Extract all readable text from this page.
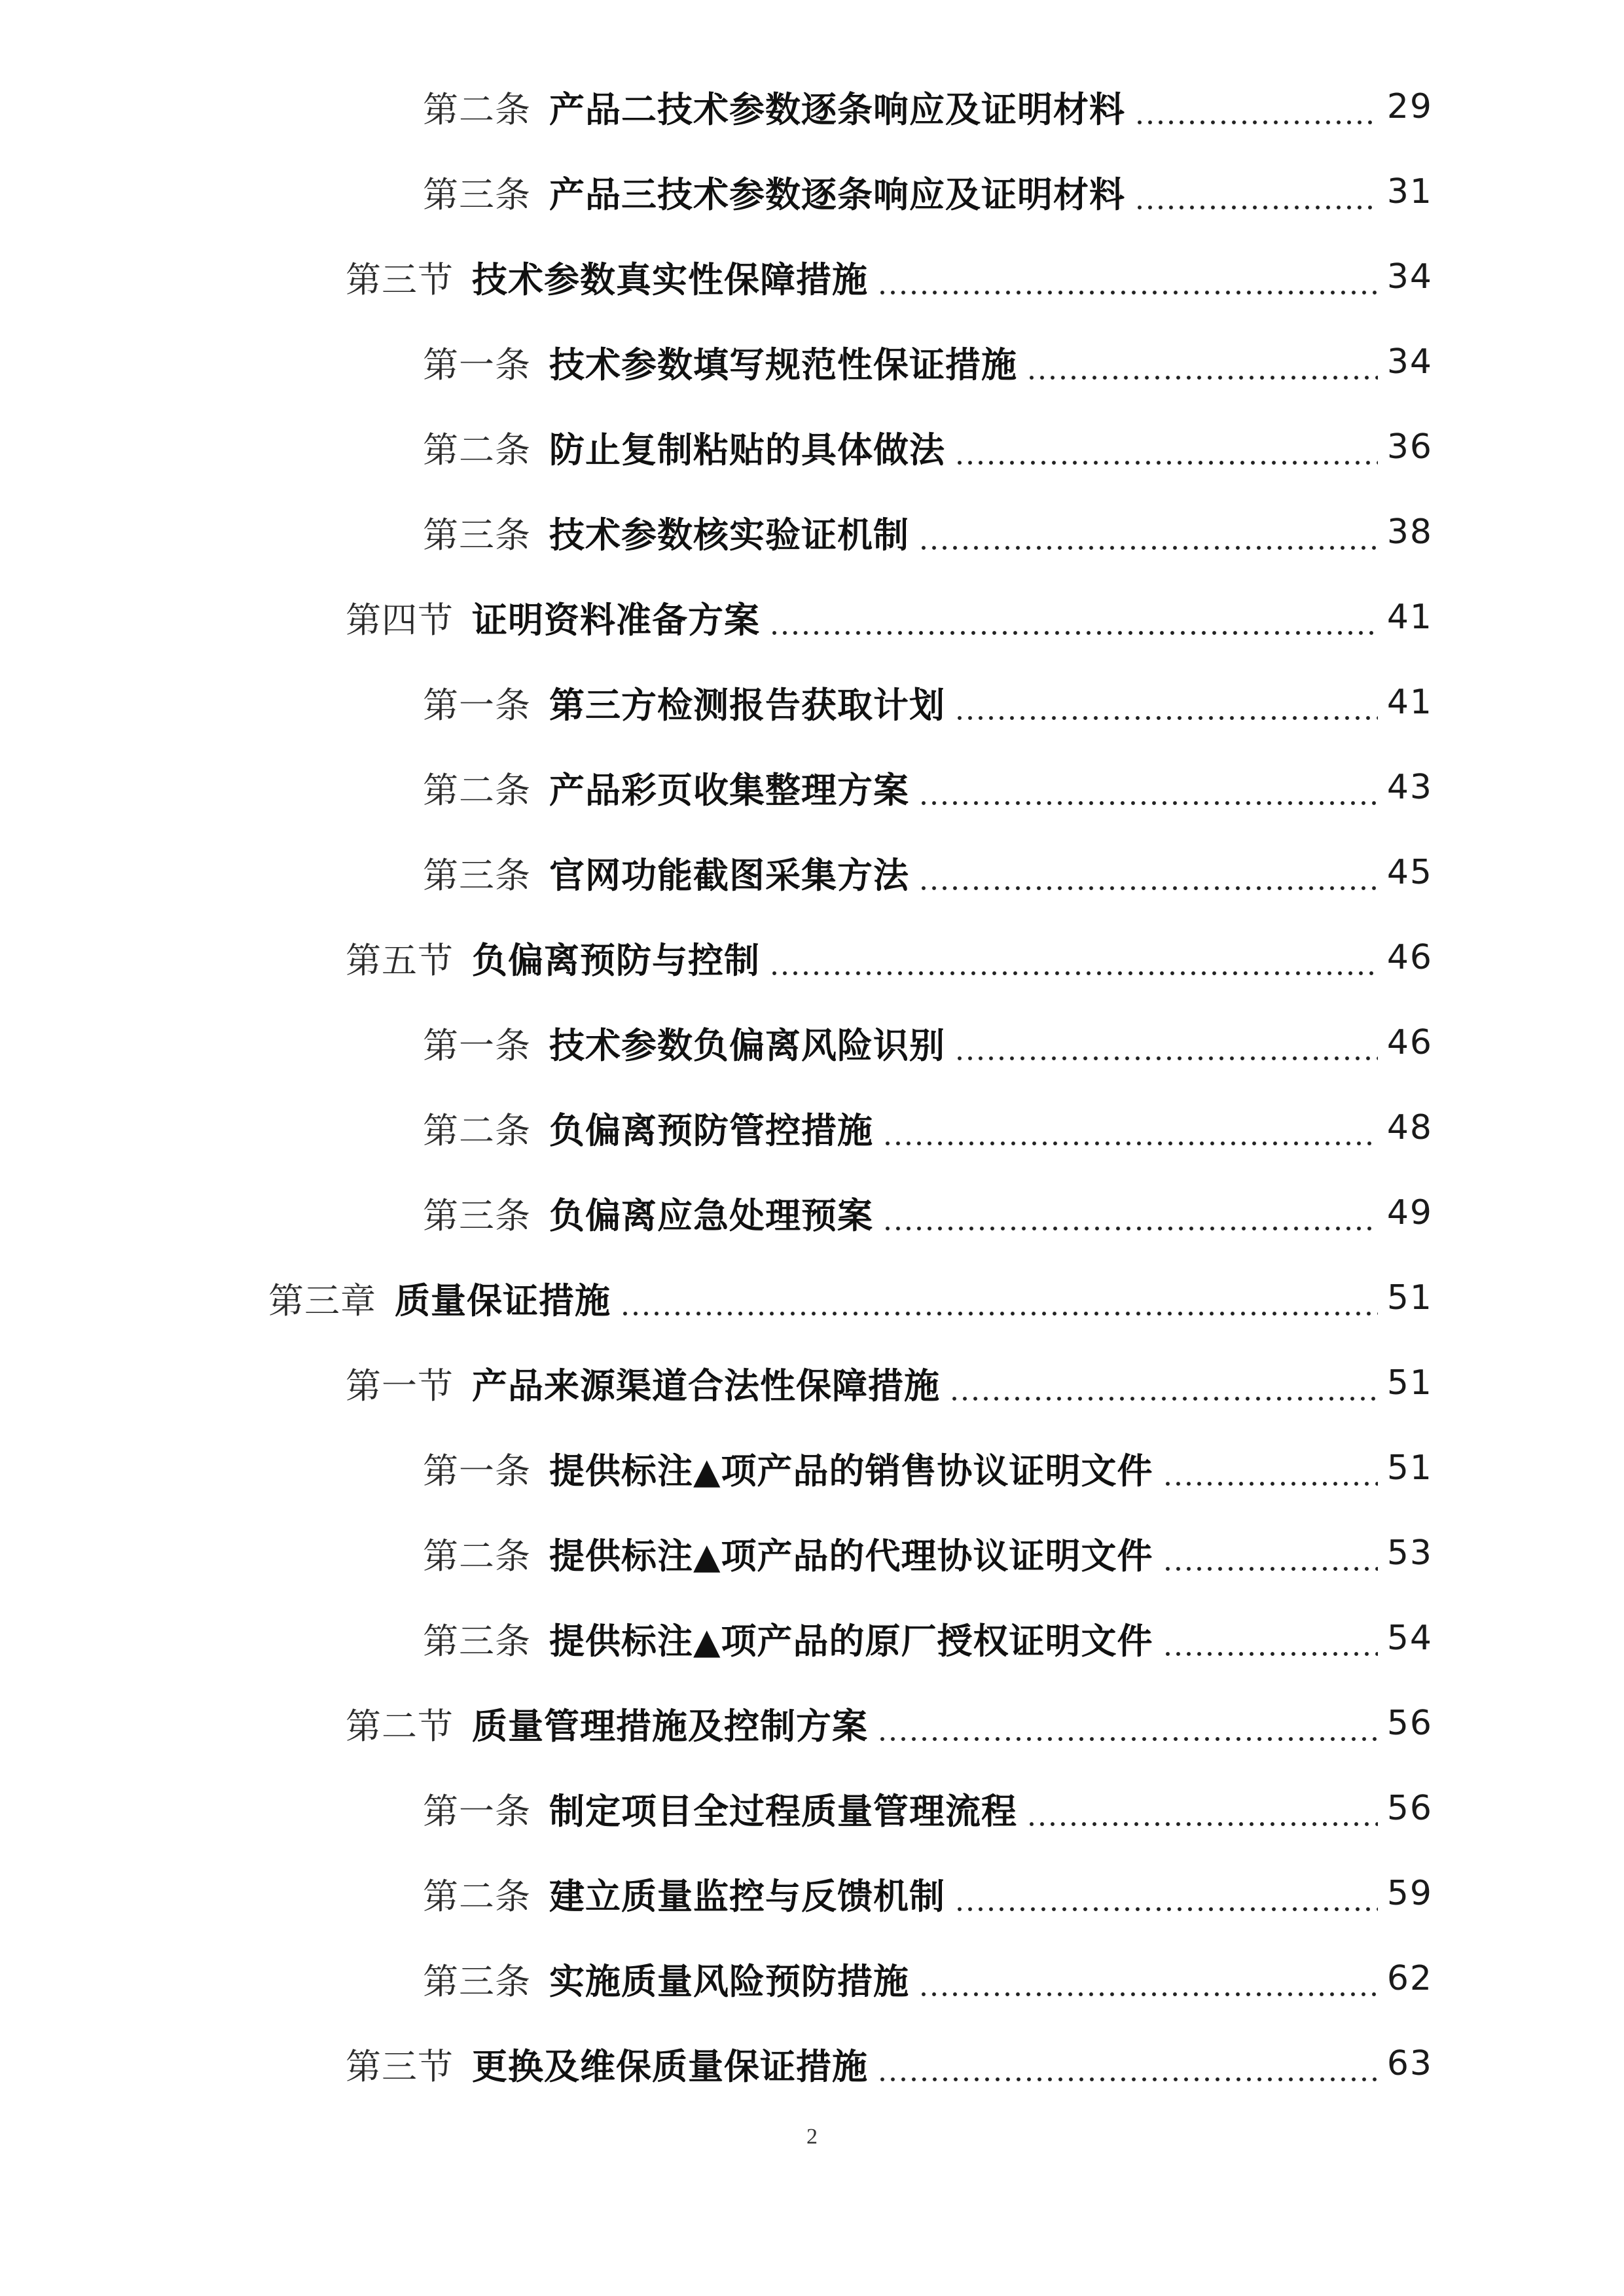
第二条 产品二技术参数逐条响应及证明材料	29
第三条 产品三技术参数逐条响应及证明材料	31
第三节 技术参数真实性保障措施	34
第一条 技术参数填写规范性保证措施	34
第二条 防止复制粘贴的具体做法	36
第三条 技术参数核实验证机制	38
第四节 证明资料准备方案	41
第一条 第三方检测报告获取计划	41
第二条 产品彩页收集整理方案	43
第三条 官网功能截图采集方法	45
第五节 负偏离预防与控制	46
第一条 技术参数负偏离风险识别	46
第二条 负偏离预防管控措施	48
第三条 负偏离应急处理预案	49
第三章 质量保证措施	51
第一节 产品来源渠道合法性保障措施	51
第一条 提供标注▲项产品的销售协议证明文件	51
第二条 提供标注▲项产品的代理协议证明文件	53
第三条 提供标注▲项产品的原厂授权证明文件	54
第二节 质量管理措施及控制方案	56
第一条 制定项目全过程质量管理流程	56
第二条 建立质量监控与反馈机制	59
第三条 实施质量风险预防措施	62
第三节 更换及维保质量保证措施	63
2
